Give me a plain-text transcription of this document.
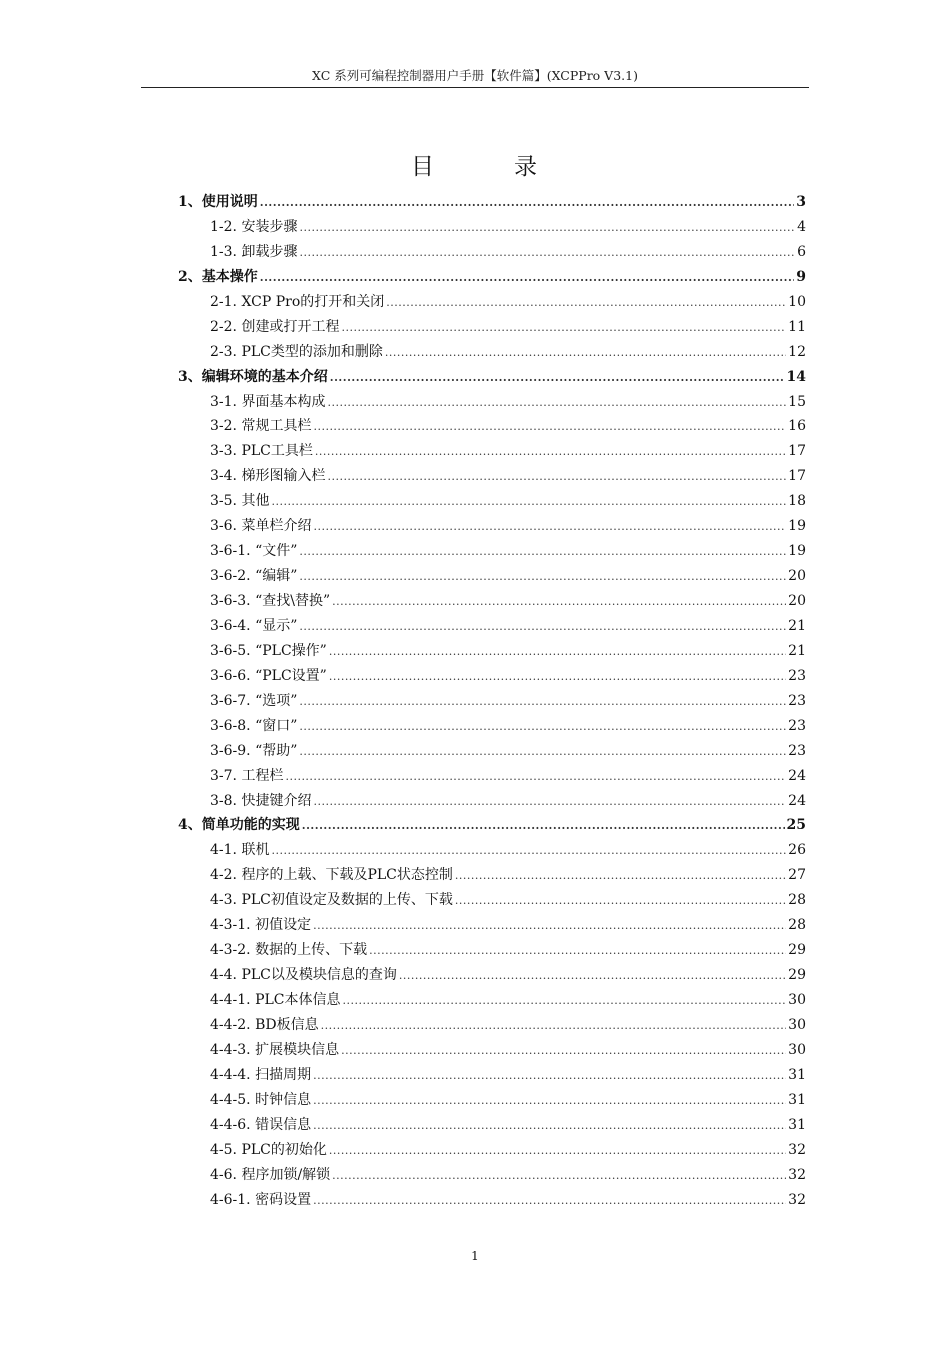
XC 系列可编程控制器用户手册【软件篇】(XCPPro V3.1)
目	录
1、使用说明 .....	3
1-2. 安装步骤 .....	4
1-3. 卸载步骤 .....	6
2、基本操作 .....	9
2-1. XCP Pro的打开和关闭 .....	10
2-2. 创建或打开工程 .....	11
2-3. PLC类型的添加和删除 .....	12
3、编辑环境的基本介绍 .....	14
3-1. 界面基本构成 .....	15
3-2. 常规工具栏 .....	16
3-3. PLC工具栏 .....	17
3-4. 梯形图输入栏 .....	17
3-5. 其他 .....	18
3-6. 菜单栏介绍 .....	19
3-6-1. “文件” .....	19
3-6-2. “编辑” .....	20
3-6-3. “查找\替换” .....	20
3-6-4. “显示” .....	21
3-6-5. “PLC操作” .....	21
3-6-6. “PLC设置” .....	23
3-6-7. “选项” .....	23
3-6-8. “窗口” .....	23
3-6-9. “帮助” .....	23
3-7. 工程栏 .....	24
3-8. 快捷键介绍 .....	24
4、简单功能的实现 .....	25
4-1. 联机 .....	26
4-2. 程序的上载、下载及PLC状态控制 .....	27
4-3. PLC初值设定及数据的上传、下载 .....	28
4-3-1. 初值设定 .....	28
4-3-2. 数据的上传、下载 .....	29
4-4. PLC以及模块信息的查询 .....	29
4-4-1. PLC本体信息 .....	30
4-4-2. BD板信息 .....	30
4-4-3. 扩展模块信息 .....	30
4-4-4. 扫描周期 .....	31
4-4-5. 时钟信息 .....	31
4-4-6. 错误信息 .....	31
4-5. PLC的初始化 .....	32
4-6. 程序加锁/解锁 .....	32
4-6-1. 密码设置 .....	32
1
